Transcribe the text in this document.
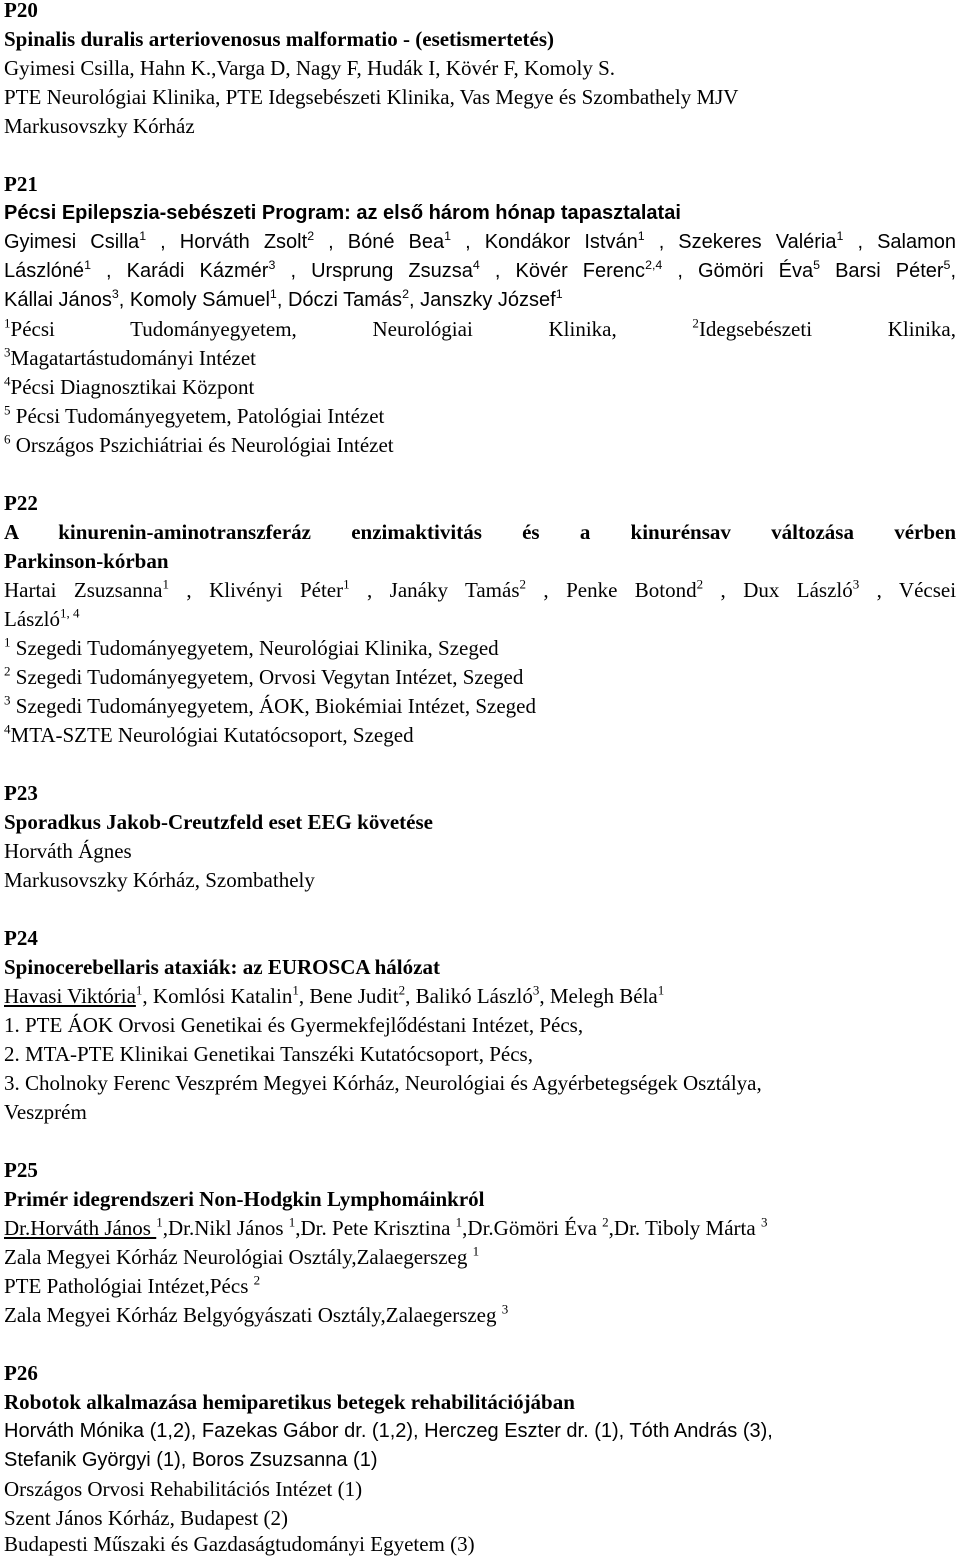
P20
Spinalis duralis arteriovenosus malformatio - (esetismertetés)
Gyimesi Csilla, Hahn K.,Varga D, Nagy F, Hudák I, Kövér F, Komoly S.
PTE Neurológiai Klinika, PTE Idegsebészeti Klinika, Vas Megye és Szombathely MJV
Markusovszky Kórház
P21
Pécsi Epilepszia-sebészeti Program: az első három hónap tapasztalatai
Gyimesi Csilla$^1$ , Horváth Zsolt$^2$ , Bóné Bea$^1$ , Kondákor István$^1$ , Szekeres Valéria$^1$ , Salamon
Lászlóné$^1$ , Karádi Kázmér$^3$ , Ursprung Zsuzsa$^4$ , Kövér Ferenc$^{2,4}$ , Gömöri Éva$^5$ Barsi Péter$^5$,
Kállai János$^3$, Komoly Sámuel$^1$, Dóczi Tamás$^2$, Janszky József$^1$
$^1$Pécsi	Tudományegyetem,	Neurológiai	Klinika,	$^2$Idegsebészeti	Klinika,
$^3$Magatartástudományi Intézet
$^4$Pécsi Diagnosztikai Központ
$^5$ Pécsi Tudományegyetem, Patológiai Intézet
$^6$ Országos Pszichiátriai és Neurológiai Intézet
P22
A kinurenin-aminotranszferáz enzimaktivitás és a kinurénsav változása vérben
Parkinson-kórban
Hartai Zsuzsanna$^1$ , Klivényi Péter$^1$ , Janáky Tamás$^2$ , Penke Botond$^2$ , Dux László$^3$ , Vécsei
László$^{1, 4}$
$^1$ Szegedi Tudományegyetem, Neurológiai Klinika, Szeged
$^2$ Szegedi Tudományegyetem, Orvosi Vegytan Intézet, Szeged
$^3$ Szegedi Tudományegyetem, ÁOK, Biokémiai Intézet, Szeged
$^4$MTA-SZTE Neurológiai Kutatócsoport, Szeged
P23
Sporadkus Jakob-Creutzfeld eset EEG követése
Horváth Ágnes
Markusovszky Kórház, Szombathely
P24
Spinocerebellaris ataxiák: az EUROSCA hálózat
Havasi Viktória$^1$, Komlósi Katalin$^1$, Bene Judit$^2$, Balikó László$^3$, Melegh Béla$^1$
1. PTE ÁOK Orvosi Genetikai és Gyermekfejlődéstani Intézet, Pécs,
2. MTA-PTE Klinikai Genetikai Tanszéki Kutatócsoport, Pécs,
3. Cholnoky Ferenc Veszprém Megyei Kórház, Neurológiai és Agyérbetegségek Osztálya,
Veszprém
P25
Primér idegrendszeri Non-Hodgkin Lymphomáinkról
Dr.Horváth János $^1$,Dr.Nikl János $^1$,Dr. Pete Krisztina $^1$,Dr.Gömöri Éva $^2$,Dr. Tiboly Márta $^3$
Zala Megyei Kórház Neurológiai Osztály,Zalaegerszeg $^1$
PTE Pathológiai Intézet,Pécs $^2$
Zala Megyei Kórház Belgyógyászati Osztály,Zalaegerszeg $^3$
P26
Robotok alkalmazása hemiparetikus betegek rehabilitációjában
Horváth Mónika (1,2), Fazekas Gábor dr. (1,2), Herczeg Eszter dr. (1), Tóth András (3),
Stefanik Györgyi (1), Boros Zsuzsanna (1)
Országos Orvosi Rehabilitációs Intézet (1)
Szent János Kórház, Budapest (2)
Budapesti Műszaki és Gazdaságtudományi Egyetem (3)
